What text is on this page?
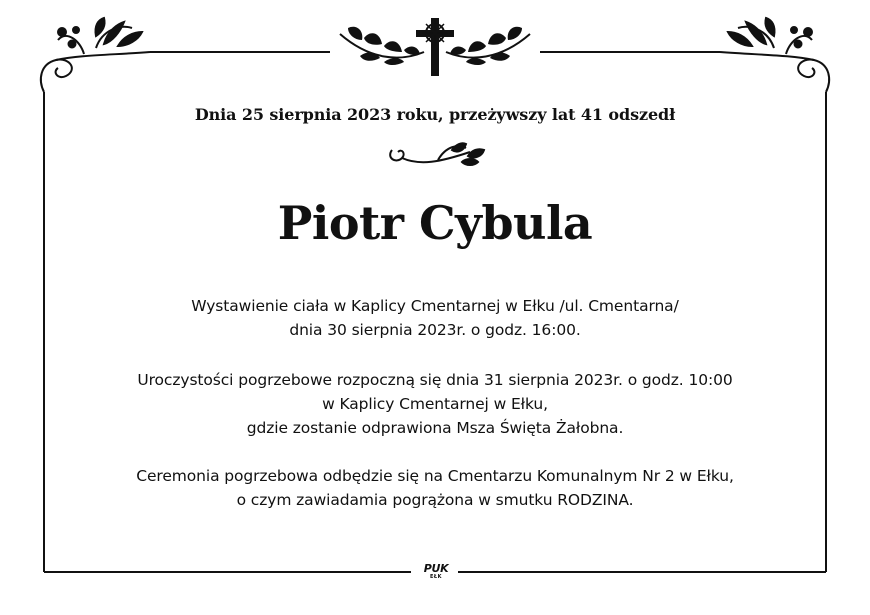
Dnia 25 sierpnia 2023 roku, przeżywszy lat 41 odszedł
Piotr Cybula
Wystawienie ciała w Kaplicy Cmentarnej w Ełku /ul. Cmentarna/
dnia 30 sierpnia 2023r. o godz. 16:00.
Uroczystości pogrzebowe rozpoczną się dnia 31 sierpnia 2023r. o godz. 10:00
w Kaplicy Cmentarnej w Ełku,
gdzie zostanie odprawiona Msza Święta Żałobna.
Ceremonia pogrzebowa odbędzie się na Cmentarzu Komunalnym Nr 2 w Ełku,
o czym zawiadamia pogrążona w smutku RODZINA.
PUK
EŁK
